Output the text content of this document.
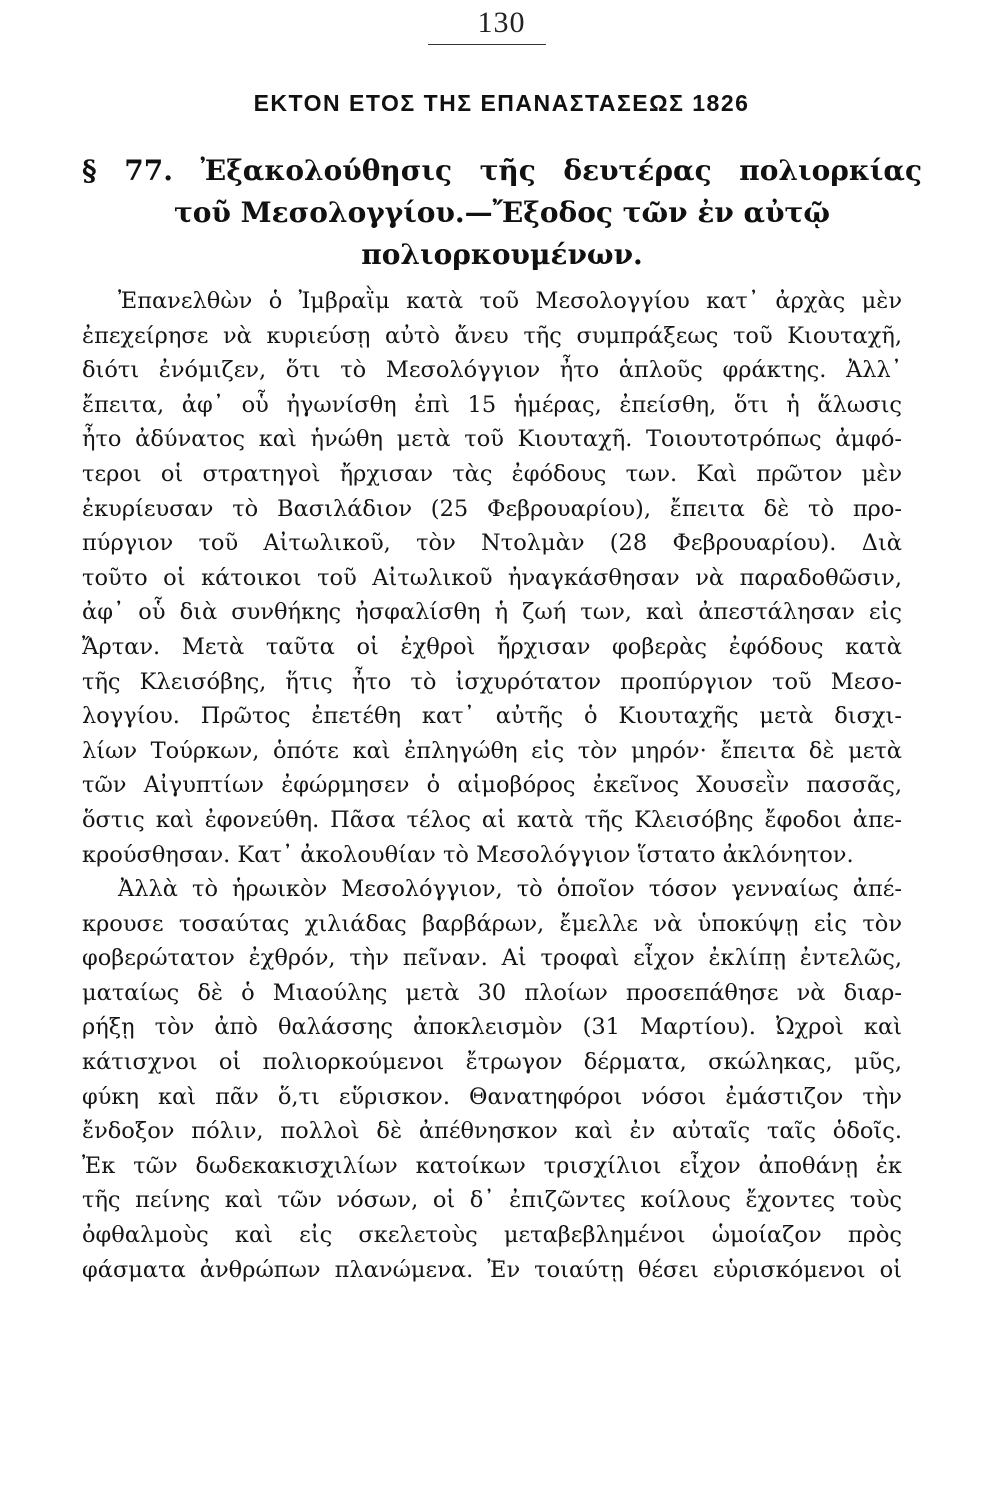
130
ΕΚΤΟΝ ΕΤΟΣ ΤΗΣ ΕΠΑΝΑΣΤΑΣΕΩΣ 1826
§ 77. Ἐξακολούθησις τῆς δευτέρας πολιορκίας
τοῦ Μεσολογγίου.—Ἔξοδος τῶν ἐν αὐτῷ
πολιορκουμένων.
Ἐπανελθὼν ὁ Ἰμβραῒμ κατὰ τοῦ Μεσολογγίου κατ᾽ ἀρχὰς μὲν
ἐπεχείρησε νὰ κυριεύσῃ αὐτὸ ἄνευ τῆς συμπράξεως τοῦ Κιουταχῆ,
διότι ἐνόμιζεν, ὅτι τὸ Μεσολόγγιον ἦτο ἁπλοῦς φράκτης. Ἀλλ᾽
ἔπειτα, ἀφ᾽ οὗ ἠγωνίσθη ἐπὶ 15 ἡμέρας, ἐπείσθη, ὅτι ἡ ἅλωσις
ἦτο ἀδύνατος καὶ ἡνώθη μετὰ τοῦ Κιουταχῆ. Τοιουτοτρόπως ἀμφό-
τεροι οἱ στρατηγοὶ ἤρχισαν τὰς ἐφόδους των. Καὶ πρῶτον μὲν
ἐκυρίευσαν τὸ Βασιλάδιον (25 Φεβρουαρίου), ἔπειτα δὲ τὸ προ-
πύργιον τοῦ Αἰτωλικοῦ, τὸν Ντολμὰν (28 Φεβρουαρίου). Διὰ
τοῦτο οἱ κάτοικοι τοῦ Αἰτωλικοῦ ἠναγκάσθησαν νὰ παραδοθῶσιν,
ἀφ᾽ οὗ διὰ συνθήκης ἠσφαλίσθη ἡ ζωή των, καὶ ἀπεστάλησαν εἰς
Ἄρταν. Μετὰ ταῦτα οἱ ἐχθροὶ ἤρχισαν φοβερὰς ἐφόδους κατὰ
τῆς Κλεισόβης, ἥτις ἦτο τὸ ἰσχυρότατον προπύργιον τοῦ Μεσο-
λογγίου. Πρῶτος ἐπετέθη κατ᾽ αὐτῆς ὁ Κιουταχῆς μετὰ δισχι-
λίων Τούρκων, ὁπότε καὶ ἐπληγώθη εἰς τὸν μηρόν· ἔπειτα δὲ μετὰ
τῶν Αἰγυπτίων ἐφώρμησεν ὁ αἱμοβόρος ἐκεῖνος Χουσεῒν πασσᾶς,
ὅστις καὶ ἐφονεύθη. Πᾶσα τέλος αἱ κατὰ τῆς Κλεισόβης ἔφοδοι ἀπε-
κρούσθησαν. Κατ᾽ ἀκολουθίαν τὸ Μεσολόγγιον ἵστατο ἀκλόνητον.
Ἀλλὰ τὸ ἡρωικὸν Μεσολόγγιον, τὸ ὁποῖον τόσον γενναίως ἀπέ-
κρουσε τοσαύτας χιλιάδας βαρβάρων, ἔμελλε νὰ ὑποκύψῃ εἰς τὸν
φοβερώτατον ἐχθρόν, τὴν πεῖναν. Αἱ τροφαὶ εἶχον ἐκλίπῃ ἐντελῶς,
ματαίως δὲ ὁ Μιαούλης μετὰ 30 πλοίων προσεπάθησε νὰ διαρ-
ρήξῃ τὸν ἀπὸ θαλάσσης ἀποκλεισμὸν (31 Μαρτίου). Ὠχροὶ καὶ
κάτισχνοι οἱ πολιορκούμενοι ἔτρωγον δέρματα, σκώληκας, μῦς,
φύκη καὶ πᾶν ὅ,τι εὕρισκον. Θανατηφόροι νόσοι ἐμάστιζον τὴν
ἔνδοξον πόλιν, πολλοὶ δὲ ἀπέθνησκον καὶ ἐν αὐταῖς ταῖς ὁδοῖς.
Ἐκ τῶν δωδεκακισχιλίων κατοίκων τρισχίλιοι εἶχον ἀποθάνῃ ἐκ
τῆς πείνης καὶ τῶν νόσων, οἱ δ᾽ ἐπιζῶντες κοίλους ἔχοντες τοὺς
ὀφθαλμοὺς καὶ εἰς σκελετοὺς μεταβεβλημένοι ὡμοίαζον πρὸς
φάσματα ἀνθρώπων πλανώμενα. Ἐν τοιαύτῃ θέσει εὑρισκόμενοι οἱ
